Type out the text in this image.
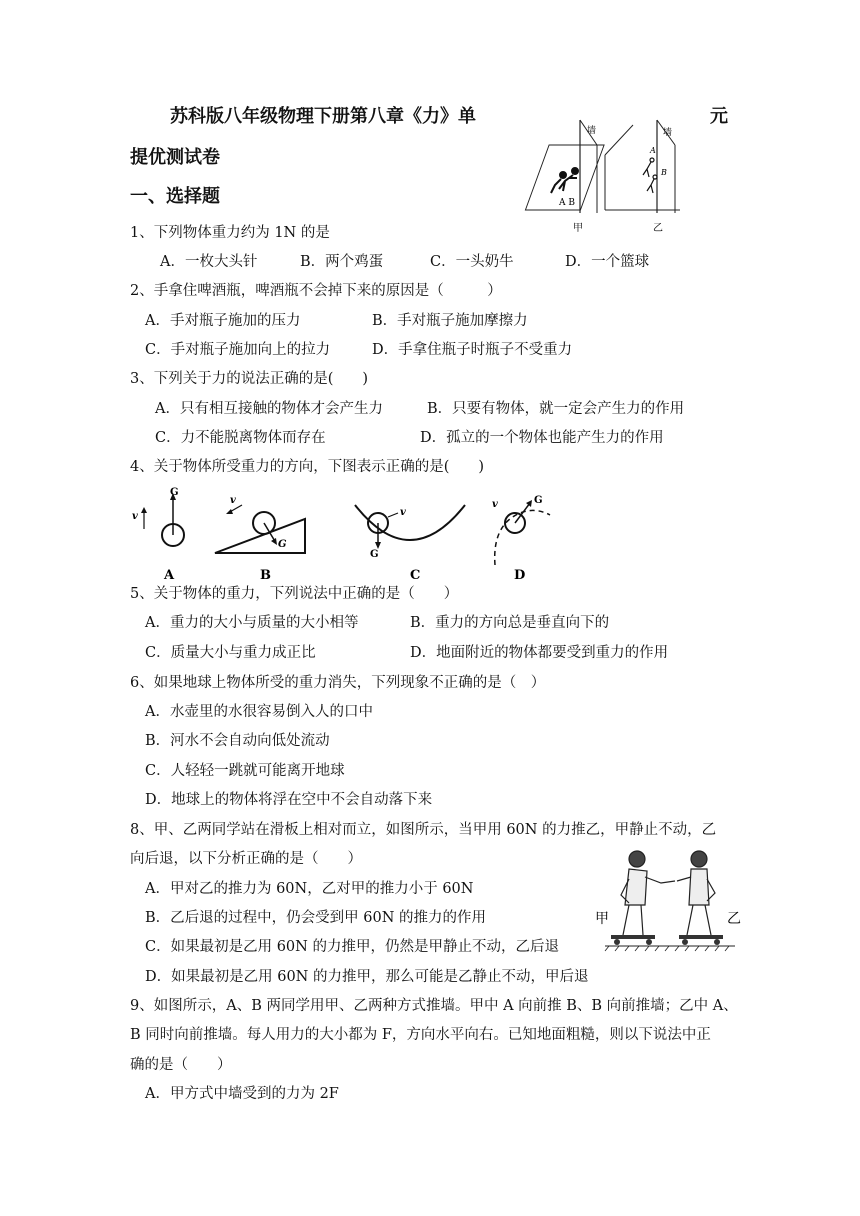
苏科版八年级物理下册第八章《力》单	元
提优测试卷
一、选择题	A B
墙
甲
A
B
墙
乙
1、下列物体重力约为 1N 的是
A．一枚大头针	B．两个鸡蛋	C．一头奶牛	D．一个篮球
2、手拿住啤酒瓶，啤酒瓶不会掉下来的原因是（　　　）
A．手对瓶子施加的压力	B．手对瓶子施加摩擦力
C．手对瓶子施加向上的拉力	D．手拿住瓶子时瓶子不受重力
3、下列关于力的说法正确的是(　　)
A．只有相互接触的物体才会产生力	B．只要有物体，就一定会产生力的作用
C．力不能脱离物体而存在	D．孤立的一个物体也能产生力的作用
4、关于物体所受重力的方向，下图表示正确的是(　　)
v
G
A
G
v
B
G
v
C
G
v
D
5、关于物体的重力，下列说法中正确的是（　　）
A．重力的大小与质量的大小相等	B．重力的方向总是垂直向下的
C．质量大小与重力成正比	D．地面附近的物体都要受到重力的作用
6、如果地球上物体所受的重力消失，下列现象不正确的是（　）
A．水壶里的水很容易倒入人的口中
B．河水不会自动向低处流动
C．人轻轻一跳就可能离开地球
D．地球上的物体将浮在空中不会自动落下来
8、甲、乙两同学站在滑板上相对而立，如图所示，当甲用 60N 的力推乙，甲静止不动，乙
向后退，以下分析正确的是（　　）
A．甲对乙的推力为 60N，乙对甲的推力小于 60N
B．乙后退的过程中，仍会受到甲 60N 的推力的作用
C．如果最初是乙用 60N 的力推甲，仍然是甲静止不动，乙后退
D．如果最初是乙用 60N 的力推甲，那么可能是乙静止不动，甲后退
甲	乙
9、如图所示，A、B 两同学用甲、乙两种方式推墙。甲中 A 向前推 B、B 向前推墙；乙中 A、
B 同时向前推墙。每人用力的大小都为 F，方向水平向右。已知地面粗糙，则以下说法中正
确的是（　　）
A．甲方式中墙受到的力为 2F
